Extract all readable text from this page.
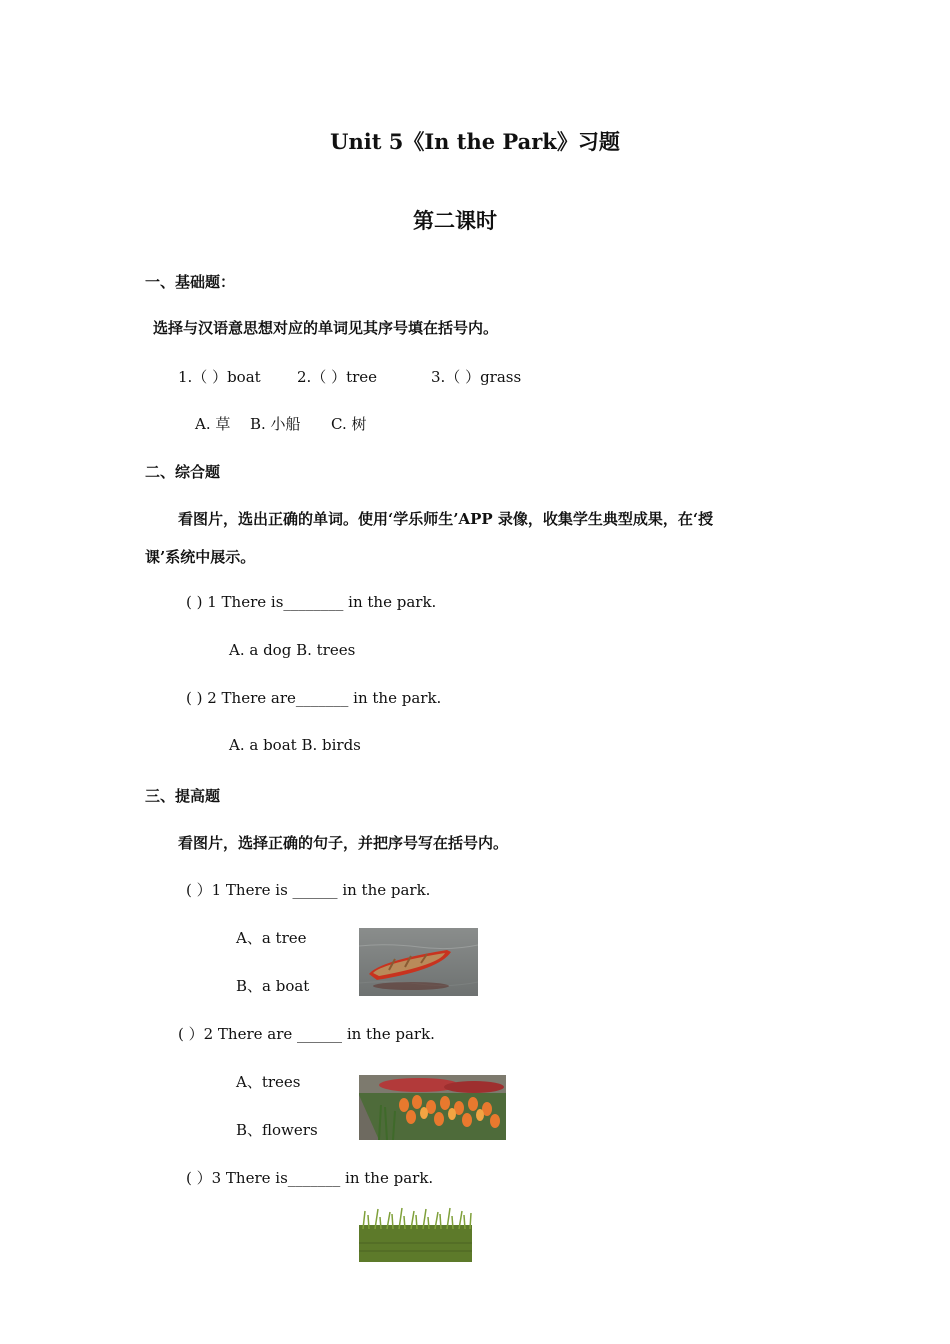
Unit 5《In the Park》习题
第二课时
一、基础题：
选择与汉语意思想对应的单词见其序号填在括号内。
1.（ ）boat 2.（ ）tree	3.（ ）grass
A. 草 B. 小船 C. 树
二、综合题
看图片，选出正确的单词。使用‘学乐师生’APP 录像，收集学生典型成果，在‘授
课’系统中展示。
( ) 1 There is________ in the park.
A. a dog B. trees
( ) 2 There are_______ in the park.
A. a boat B. birds
三、提高题
看图片，选择正确的句子，并把序号写在括号内。
( ）1 There is ______ in the park.
A、a tree
B、a boat
( ）2 There are ______ in the park.
A、trees
B、flowers
( ）3 There is_______ in the park.
